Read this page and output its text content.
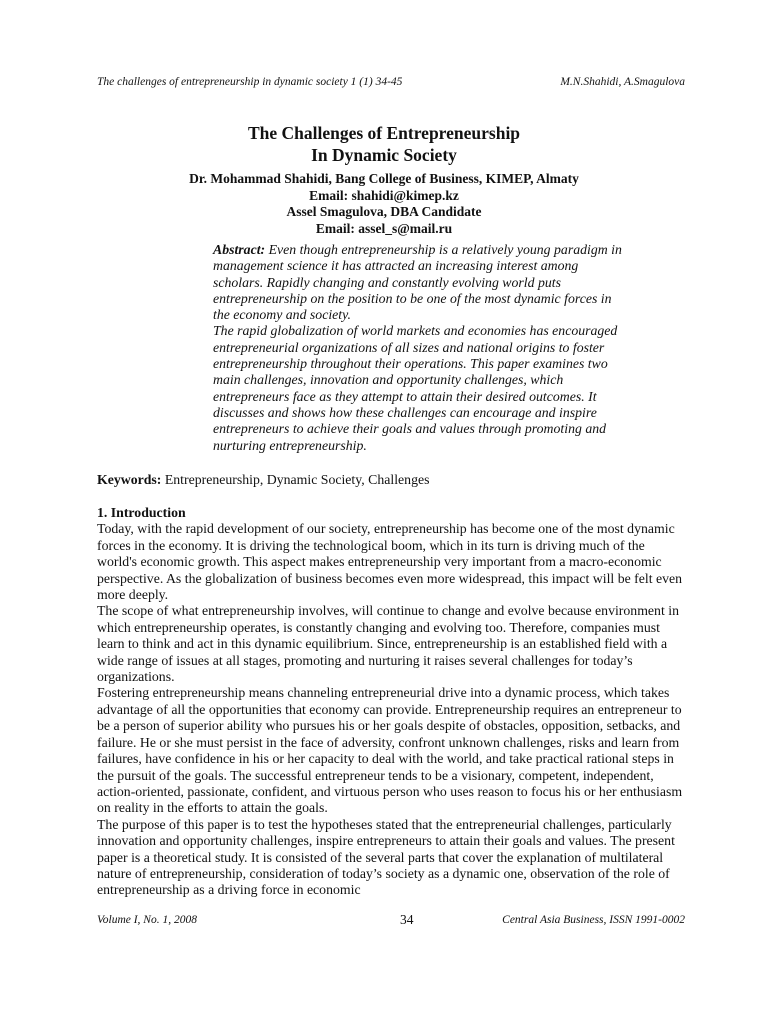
The challenges of entrepreneurship in dynamic society 1 (1) 34-45	M.N.Shahidi, A.Smagulova
The Challenges of Entrepreneurship
In Dynamic Society
Dr. Mohammad Shahidi, Bang College of Business, KIMEP, Almaty
Email: shahidi@kimep.kz
Assel Smagulova, DBA Candidate
Email: assel_s@mail.ru

Abstract: Even though entrepreneurship is a relatively young paradigm in management science it has attracted an increasing interest among scholars. Rapidly changing and constantly evolving world puts entrepreneurship on the position to be one of the most dynamic forces in the economy and society.

The rapid globalization of world markets and economies has encouraged entrepreneurial organizations of all sizes and national origins to foster entrepreneurship throughout their operations. This paper examines two main challenges, innovation and opportunity challenges, which entrepreneurs face as they attempt to attain their desired outcomes. It discusses and shows how these challenges can encourage and inspire entrepreneurs to achieve their goals and values through promoting and nurturing entrepreneurship.

Keywords: Entrepreneurship, Dynamic Society, Challenges
1. Introduction

Today, with the rapid development of our society, entrepreneurship has become one of the most dynamic forces in the economy. It is driving the technological boom, which in its turn is driving much of the world's economic growth. This aspect makes entrepreneurship very important from a macro-economic perspective. As the globalization of business becomes even more widespread, this impact will be felt even more deeply.

The scope of what entrepreneurship involves, will continue to change and evolve because environment in which entrepreneurship operates, is constantly changing and evolving too. Therefore, companies must learn to think and act in this dynamic equilibrium. Since, entrepreneurship is an established field with a wide range of issues at all stages, promoting and nurturing it raises several challenges for today’s organizations.

Fostering entrepreneurship means channeling entrepreneurial drive into a dynamic process, which takes advantage of all the opportunities that economy can provide. Entrepreneurship requires an entrepreneur to be a person of superior ability who pursues his or her goals despite of obstacles, opposition, setbacks, and failure. He or she must persist in the face of adversity, confront unknown challenges, risks and learn from failures, have confidence in his or her capacity to deal with the world, and take practical rational steps in the pursuit of the goals. The successful entrepreneur tends to be a visionary, competent, independent, action-oriented, passionate, confident, and virtuous person who uses reason to focus his or her enthusiasm on reality in the efforts to attain the goals.

The purpose of this paper is to test the hypotheses stated that the entrepreneurial challenges, particularly innovation and opportunity challenges, inspire entrepreneurs to attain their goals and values. The present paper is a theoretical study. It is consisted of the several parts that cover the explanation of multilateral nature of entrepreneurship, consideration of today’s society as a dynamic one, observation of the role of entrepreneurship as a driving force in economic

Volume I, No. 1, 2008	34	Central Asia Business, ISSN 1991-0002
